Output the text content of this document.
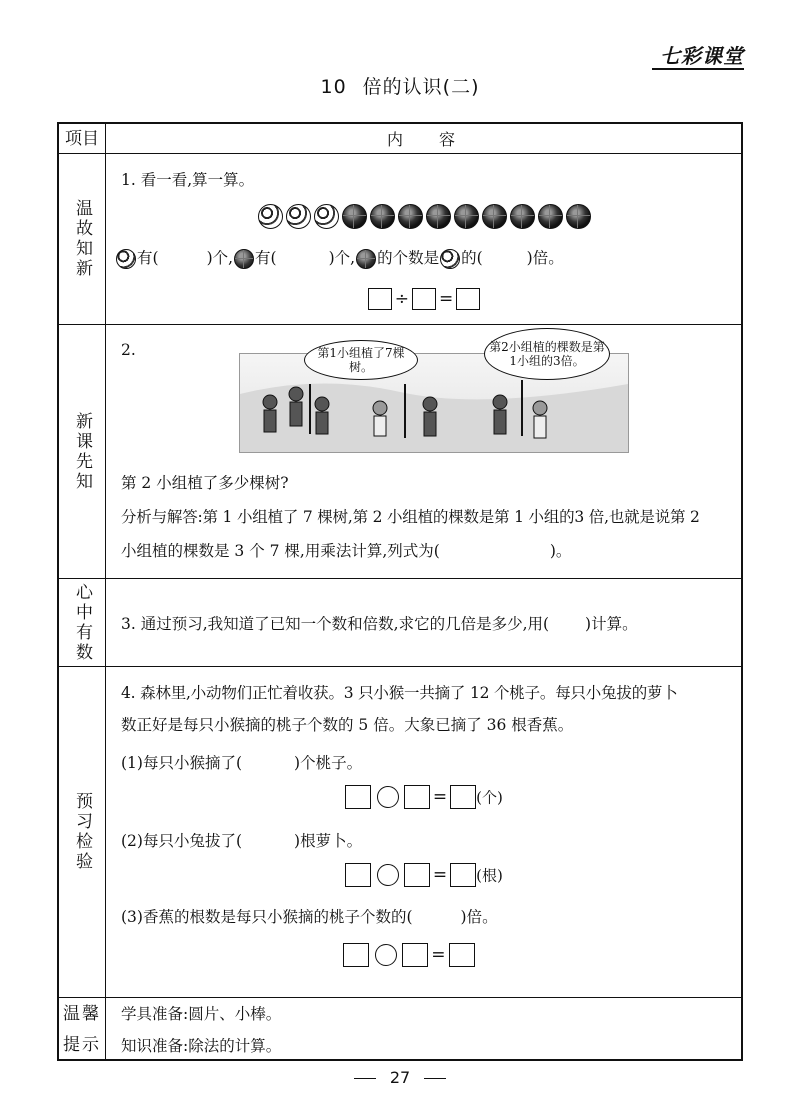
七彩课堂
10 倍的认识(二)
项目	内容
温故知新
1. 看一看,算一算。
有(	)个, 有(	)个, 的个数是 的(	)倍。
÷ =
新课先知
2.	第1小组植了7棵树。
第2小组植的棵数是第1小组的3倍。
第 2 小组植了多少棵树?
分析与解答:第 1 小组植了 7 棵树,第 2 小组植的棵数是第 1 小组的3 倍,也就是说第 2
小组植的棵数是 3 个 7 棵,用乘法计算,列式为(	)。
心中有数	3. 通过预习,我知道了已知一个数和倍数,求它的几倍是多少,用( )计算。
预习检验
4. 森林里,小动物们正忙着收获。3 只小猴一共摘了 12 个桃子。每只小兔拔的萝卜
数正好是每只小猴摘的桃子个数的 5 倍。大象已摘了 36 根香蕉。
(1)每只小猴摘了(	)个桃子。
= (个)
(2)每只小兔拔了(	)根萝卜。
= (根)
(3)香蕉的根数是每只小猴摘的桃子个数的(	)倍。
=
温馨
提示
学具准备:圆片、小棒。
知识准备:除法的计算。
27
